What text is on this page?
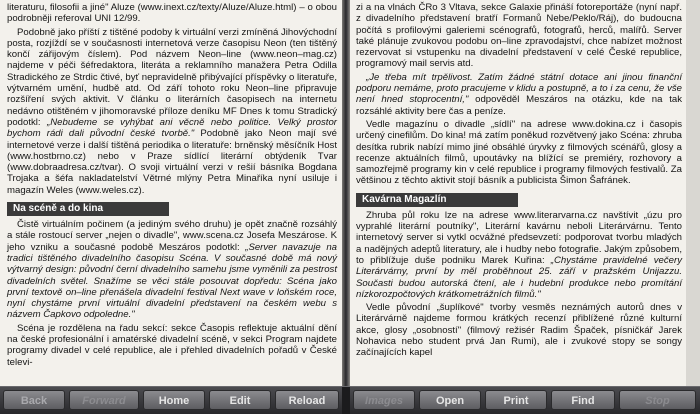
literaturu, filosofii a jiné" Aluze (www.inext.cz/texty/Aluze/Aluze.html) – o obou podrobněji referoval UNI 12/99.

Podobně jako příští z tištěné podoby k virtuální verzi zmíněná Jihovýchodní posta, rozjíždí se v současnosti internetová verze časopisu Neon (ten tištěný končí zářijovým číslem). Pod názvem Neon–line (www.neon–mag.cz) najdeme v péči šéfredaktora, literáta a reklamního manažera Petra Odilla Stradického ze Strdic čtivé, byť nepravidelně přibývající příspěvky o literatuře, výtvarném umění, hudbě atd. Od září tohoto roku Neon–line připravuje rozšíření svých aktivit. V článku o literárních časopisech na internetu nedávno otištěném v jihomoravské příloze deníku MF Dnes k tomu Stradický podotkl: „Nebudeme se vyhýbat ani věcně nebo politice. Velký prostor bychom rádi dali původní české tvorbě." Podobně jako Neon mají své internetové verze i další tištěná periodika o literatuře: brněnský měsíčník Host (www.hostbrno.cz) nebo v Praze sídlící literární obtýdeník Tvar (www.dobraadresa.cz/tvar). O svoji virtuální verzi v rešií básníka Bogdana Trojaka a šéfa nakladatelství Větrné mlýny Petra Minaříka nyní usiluje i magazín Weles (www.weles.cz).

Na scéně a do kina

Čistě virtuálním počinem (a jediným svého druhu) je opět značně rozsáhlý a stále rostoucí server „nejen o divadle", www.scena.cz Josefa Meszárose. K jeho vzniku a současné podobě Meszáros podotkl: „Server navazuje na tradici tištěného divadelního časopisu Scéna. V současné době má nový výtvarný design: původní černí divadelního samehu jsme vyměnili za pestrost divadelních světel. Snažíme se věci stále posouvat dopředu: Scéna jako první textově on–line přenášela divadelní festival Next wave v loňském roce, nyní chystáme první virtuální divadelní představení na českém webu s názvem Čapkovo odpoledne."

Scéna je rozdělena na řadu sekcí: sekce Časopis reflektuje aktuální dění na české profesionální i amatérské divadelní scéně, v sekci Program najdete programy divadel v celé republice, ale i přehled divadelních pořadů v České televi-

zi a na vlnách ČRo 3 Vltava, sekce Galaxie přináší fotoreportáže (nyní např. z divadelního představení bratří Formanů Nebe/Peklo/Ráj), do budoucna počítá s profilovými galeriemi scénografů, fotografů, herců, malířů. Server také plánuje zvukovou podobu on–line zpravodajství, chce nabízet možnost rezervovat si vstupenku na divadelní představení v celé České republice, programový mail servis atd.

„Je třeba mít trpělivost. Zatím žádné státní dotace ani jinou finanční podporu nemáme, proto pracujeme v klidu a postupně, a to i za cenu, že vše není hned stoprocentní," odpověděl Meszáros na otázku, kde na tak rozsáhlé aktivity bere čas a peníze.

Vedle magazínu o divadle „sídlí" na adrese www.dokina.cz i časopis určený cinefilům. Do kina! má zatím poněkud rozvětvený jako Scéna: zhruba desítka rubrik nabízí mimo jiné obsáhlé úryvky z filmových scénářů, glosy a recenze aktuálních filmů, upoutávky na blížící se premiéry, rozhovory a samozřejmě programy kin v celé republice i programy filmových festivalů. Za většinou z těchto aktivit stojí básník a publicista Šimon Šafránek.

Kavárna Magazlín

Zhruba půl roku lze na adrese www.literarvarna.cz navštívit „úzu pro vyprahlé literární poutníky", Literární kavárnu neboli Literárvárnu. Tento internetový server si vytkl ocvážné předsevzetí: podporovat tvorbu mladých a nadějných adeptů literatury, ale i hudby nebo fotografie. Jakým způsobem, to přiblížuje duše podniku Marek Kuřina: „Chystáme pravidelné večery Literárvárny, první by měl proběhnout 25. září v pražském Unijazzu. Současti budou autorská čtení, ale i hudební produkce nebo promítání nízkorozpočtových krátkometrážních filmů."

Vedle původní „šuplíkové" tvorby vesměs neznámých autorů dnes v Literárvárně najdeme formou krátkých recenzí přiblížené různé kulturní akce, glosy „osobností" (filmový režisér Radim Špaček, písničkář Jarek Nohavica nebo student prvá Jan Rumi), ale i zvukové stopy se songy začínajících kapel

Back	Forward	Home	Edit	Reload	Images	Open	Print	Find	Stop
